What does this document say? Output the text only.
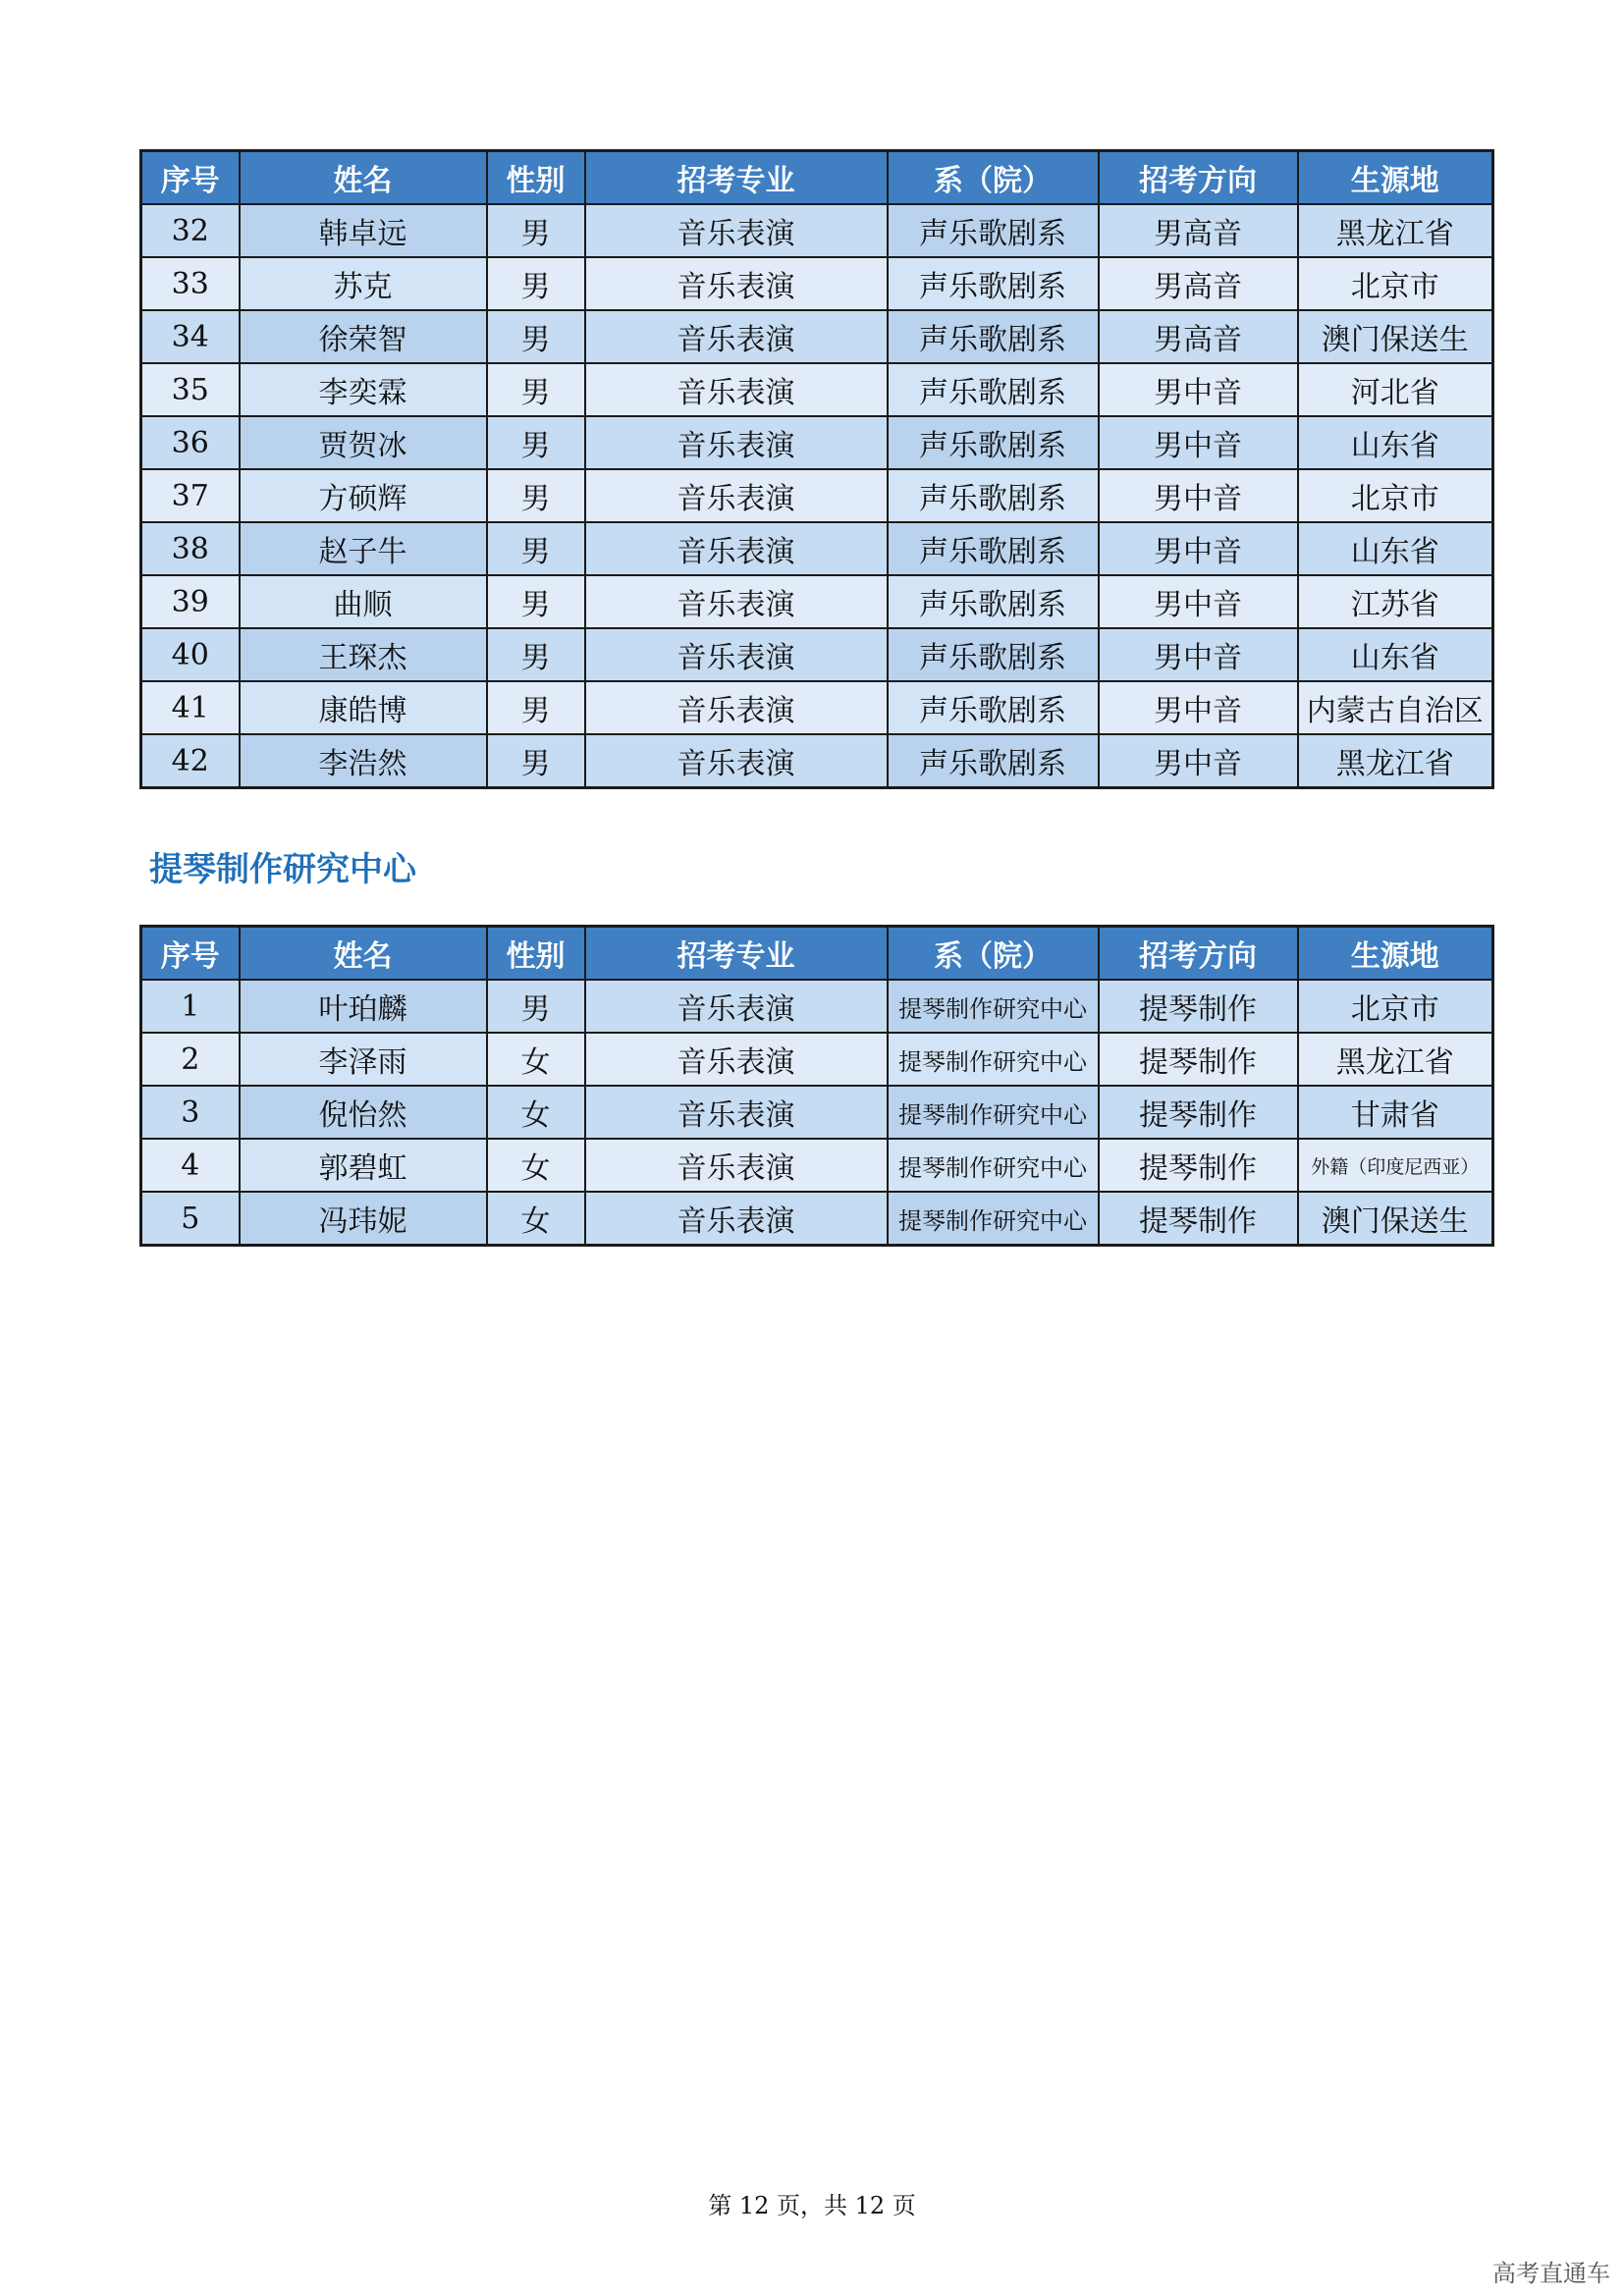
序号	姓名	性别	招考专业	系（院）	招考方向	生源地
32	韩卓远	男	音乐表演	声乐歌剧系	男高音	黑龙江省
33	苏克	男	音乐表演	声乐歌剧系	男高音	北京市
34	徐荣智	男	音乐表演	声乐歌剧系	男高音	澳门保送生
35	李奕霖	男	音乐表演	声乐歌剧系	男中音	河北省
36	贾贺冰	男	音乐表演	声乐歌剧系	男中音	山东省
37	方硕辉	男	音乐表演	声乐歌剧系	男中音	北京市
38	赵子牛	男	音乐表演	声乐歌剧系	男中音	山东省
39	曲顺	男	音乐表演	声乐歌剧系	男中音	江苏省
40	王琛杰	男	音乐表演	声乐歌剧系	男中音	山东省
41	康皓博	男	音乐表演	声乐歌剧系	男中音	内蒙古自治区
42	李浩然	男	音乐表演	声乐歌剧系	男中音	黑龙江省
提琴制作研究中心
序号	姓名	性别	招考专业	系（院）	招考方向	生源地
1	叶珀麟	男	音乐表演	提琴制作研究中心	提琴制作	北京市
2	李泽雨	女	音乐表演	提琴制作研究中心	提琴制作	黑龙江省
3	倪怡然	女	音乐表演	提琴制作研究中心	提琴制作	甘肃省
4	郭碧虹	女	音乐表演	提琴制作研究中心	提琴制作	外籍（印度尼西亚）
5	冯玮妮	女	音乐表演	提琴制作研究中心	提琴制作	澳门保送生
第 12 页，共 12 页
高考直通车
